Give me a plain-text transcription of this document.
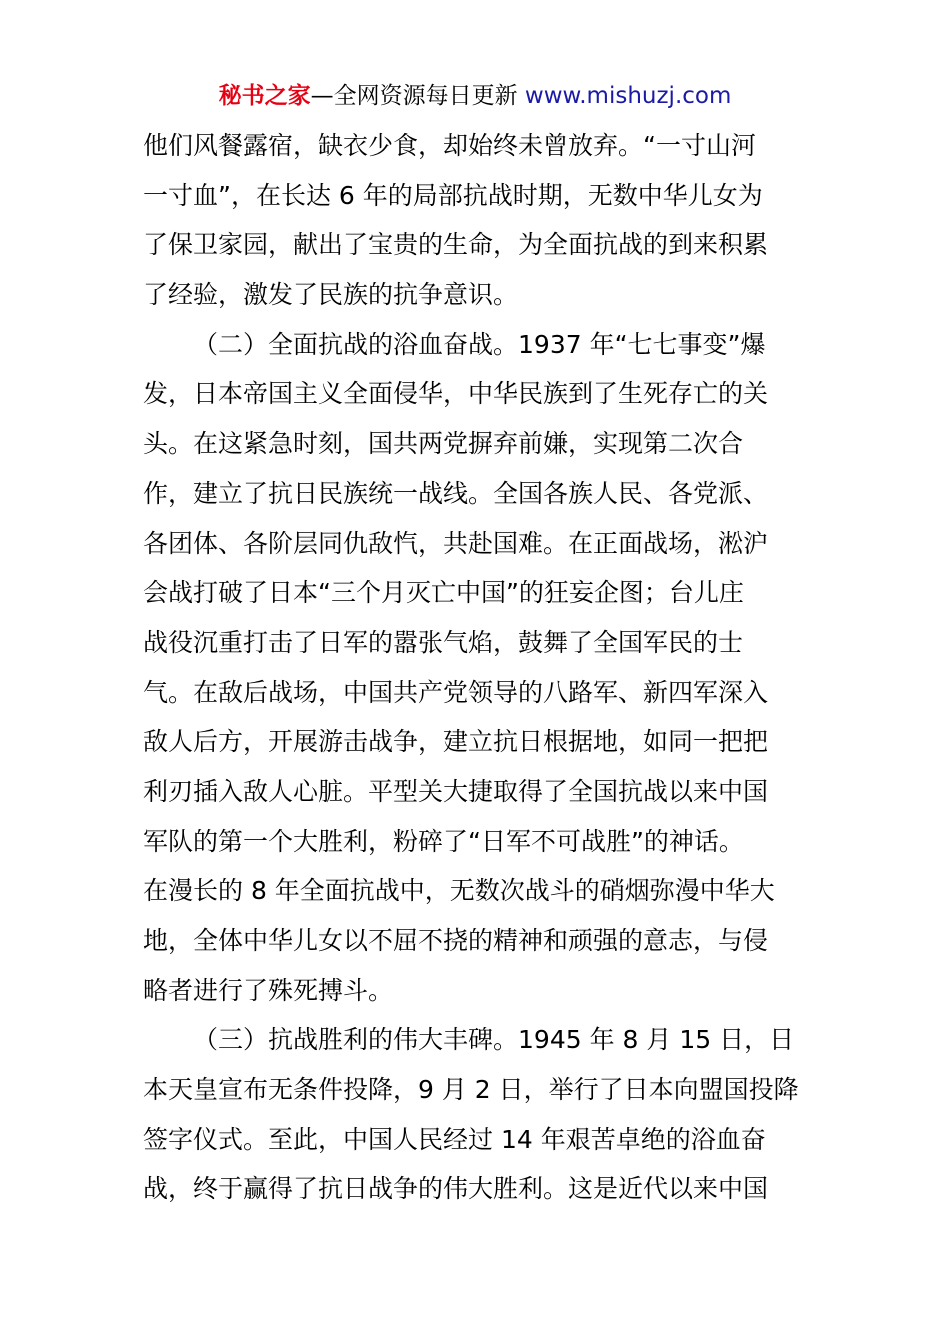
秘书之家—全网资源每日更新 www.mishuzj.com
他们风餐露宿，缺衣少食，却始终未曾放弃。“一寸山河
一寸血”，在长达 6 年的局部抗战时期，无数中华儿女为
了保卫家园，献出了宝贵的生命，为全面抗战的到来积累
了经验，激发了民族的抗争意识。
（二）全面抗战的浴血奋战。1937 年“七七事变”爆
发，日本帝国主义全面侵华，中华民族到了生死存亡的关
头。在这紧急时刻，国共两党摒弃前嫌，实现第二次合
作，建立了抗日民族统一战线。全国各族人民、各党派、
各团体、各阶层同仇敌忾，共赴国难。在正面战场，淞沪
会战打破了日本“三个月灭亡中国”的狂妄企图；台儿庄
战役沉重打击了日军的嚣张气焰，鼓舞了全国军民的士
气。在敌后战场，中国共产党领导的八路军、新四军深入
敌人后方，开展游击战争，建立抗日根据地，如同一把把
利刃插入敌人心脏。平型关大捷取得了全国抗战以来中国
军队的第一个大胜利，粉碎了“日军不可战胜”的神话。
在漫长的 8 年全面抗战中，无数次战斗的硝烟弥漫中华大
地，全体中华儿女以不屈不挠的精神和顽强的意志，与侵
略者进行了殊死搏斗。
（三）抗战胜利的伟大丰碑。1945 年 8 月 15 日，日
本天皇宣布无条件投降，9 月 2 日，举行了日本向盟国投降
签字仪式。至此，中国人民经过 14 年艰苦卓绝的浴血奋
战，终于赢得了抗日战争的伟大胜利。这是近代以来中国
